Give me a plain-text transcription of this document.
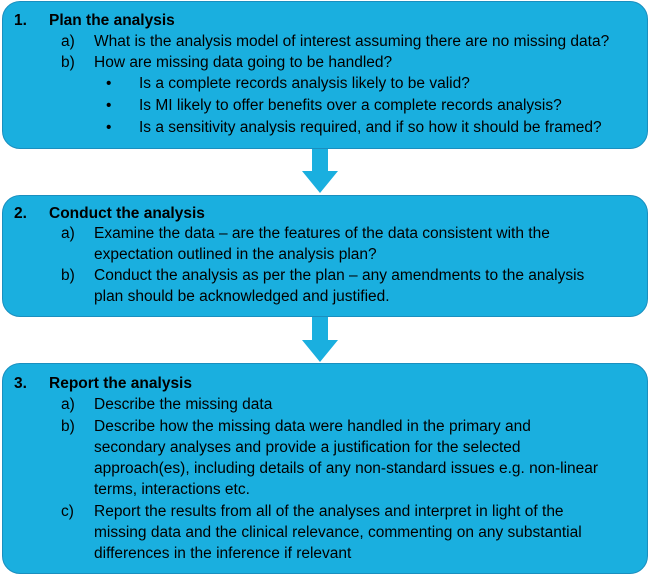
1. Plan the analysis
a)	What is the analysis model of interest assuming there are no missing data?
b)	How are missing data going to be handled?
• Is a complete records analysis likely to be valid?
• Is MI likely to offer benefits over a complete records analysis?
• Is a sensitivity analysis required, and if so how it should be framed?
2. Conduct the analysis
a)	Examine the data – are the features of the data consistent with the
expectation outlined in the analysis plan?
b)	Conduct the analysis as per the plan – any amendments to the analysis
plan should be acknowledged and justified.
3. Report the analysis
a)	Describe the missing data
b)	Describe how the missing data were handled in the primary and
secondary analyses and provide a justification for the selected
approach(es), including details of any non-standard issues e.g. non-linear
terms, interactions etc.
c)	Report the results from all of the analyses and interpret in light of the
missing data and the clinical relevance, commenting on any substantial
differences in the inference if relevant
